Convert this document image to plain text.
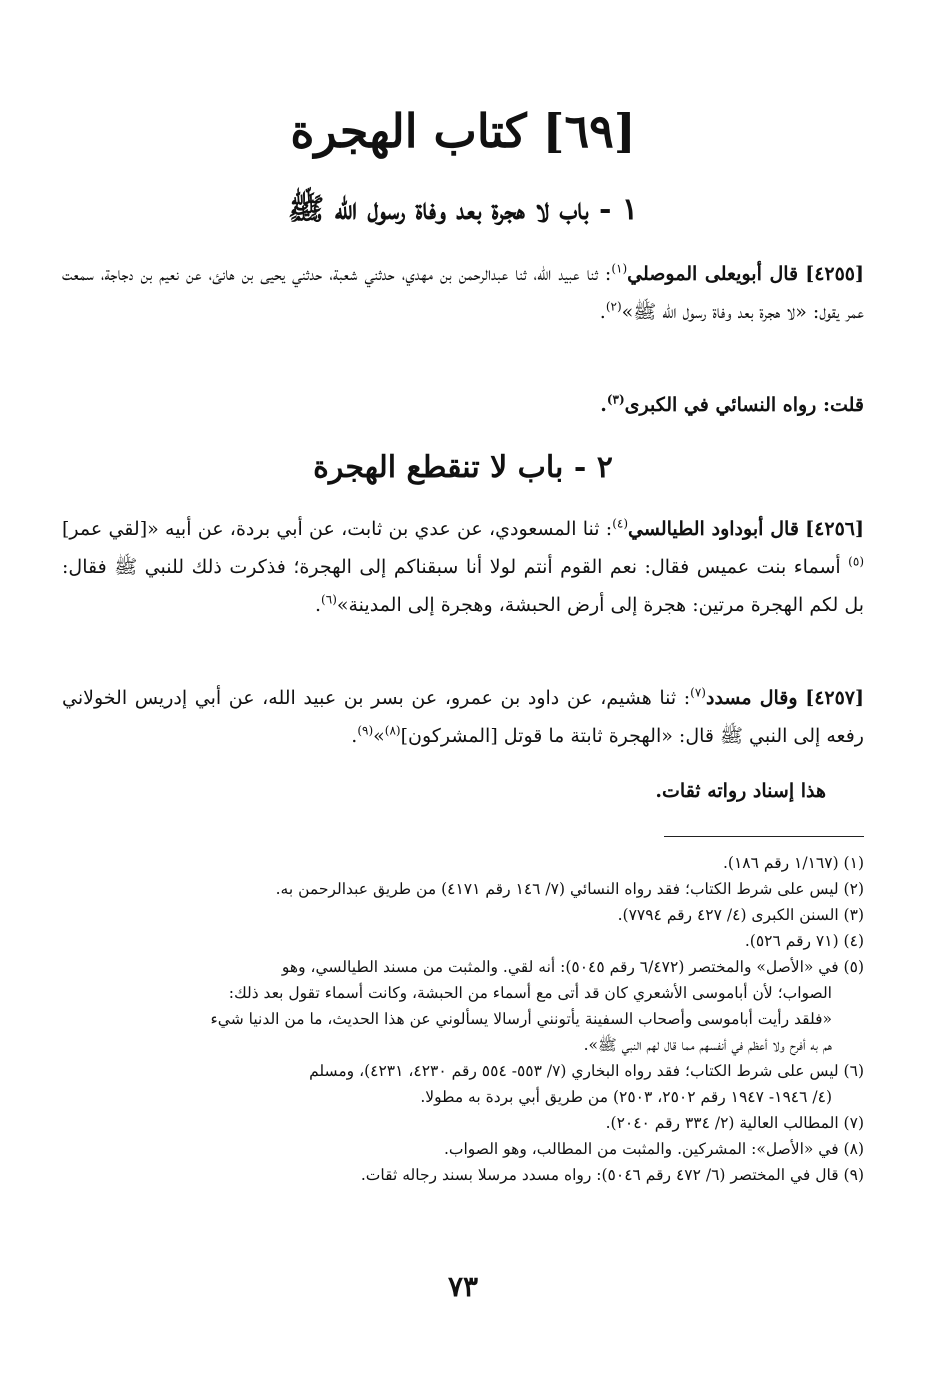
[٦٩] كتاب الهجرة
١ - باب لا هجرة بعد وفاة رسول الله ﷺ

[٤٢٥٥] قال أبويعلى الموصلي$^{(١)}$: ثنا عبيد الله، ثنا عبدالرحمن بن مهدي، حدثني شعبة، حدثني يحيى بن هانئ، عن نعيم بن دجاجة، سمعت عمر يقول: «لا هجرة بعد وفاة رسول الله ﷺ»$^{(٢)}$.

قلت: رواه النسائي في الكبرى$^{(٣)}$.

٢ - باب لا تنقطع الهجرة

[٤٢٥٦] قال أبوداود الطيالسي$^{(٤)}$: ثنا المسعودي، عن عدي بن ثابت، عن أبي بردة، عن أبيه «[لقي عمر]$^{(٥)}$ أسماء بنت عميس فقال: نعم القوم أنتم لولا أنا سبقناكم إلى الهجرة؛ فذكرت ذلك للنبي ﷺ فقال: بل لكم الهجرة مرتين: هجرة إلى أرض الحبشة، وهجرة إلى المدينة»$^{(٦)}$.

[٤٢٥٧] وقال مسدد$^{(٧)}$: ثنا هشيم، عن داود بن عمرو، عن بسر بن عبيد الله، عن أبي إدريس الخولاني رفعه إلى النبي ﷺ قال: «الهجرة ثابتة ما قوتل [المشركون]$^{(٨)}$»$^{(٩)}$.

هذا إسناد رواته ثقات.

(١) (١/١٦٧ رقم ١٨٦).
(٢) ليس على شرط الكتاب؛ فقد رواه النسائي (٧/ ١٤٦ رقم ٤١٧١) من طريق عبدالرحمن به.
(٣) السنن الكبرى (٤/ ٤٢٧ رقم ٧٧٩٤).
(٤) (٧١ رقم ٥٢٦).
(٥) في «الأصل» والمختصر (٦/٤٧٢ رقم ٥٠٤٥): أنه لقي. والمثبت من مسند الطيالسي، وهو
الصواب؛ لأن أباموسى الأشعري كان قد أتى مع أسماء من الحبشة، وكانت أسماء تقول بعد ذلك:
«فلقد رأيت أباموسى وأصحاب السفينة يأتونني أرسالا يسألوني عن هذا الحديث، ما من الدنيا شيء
هم به أفرح ولا أعظم في أنفسهم مما قال لهم النبي ﷺ».
(٦) ليس على شرط الكتاب؛ فقد رواه البخاري (٧/ ٥٥٣- ٥٥٤ رقم ٤٢٣٠، ٤٢٣١)، ومسلم
(٤/ ١٩٤٦- ١٩٤٧ رقم ٢٥٠٢، ٢٥٠٣) من طريق أبي بردة به مطولا.
(٧) المطالب العالية (٢/ ٣٣٤ رقم ٢٠٤٠).
(٨) في «الأصل»: المشركين. والمثبت من المطالب، وهو الصواب.
(٩) قال في المختصر (٦/ ٤٧٢ رقم ٥٠٤٦): رواه مسدد مرسلا بسند رجاله ثقات.
٧٣
